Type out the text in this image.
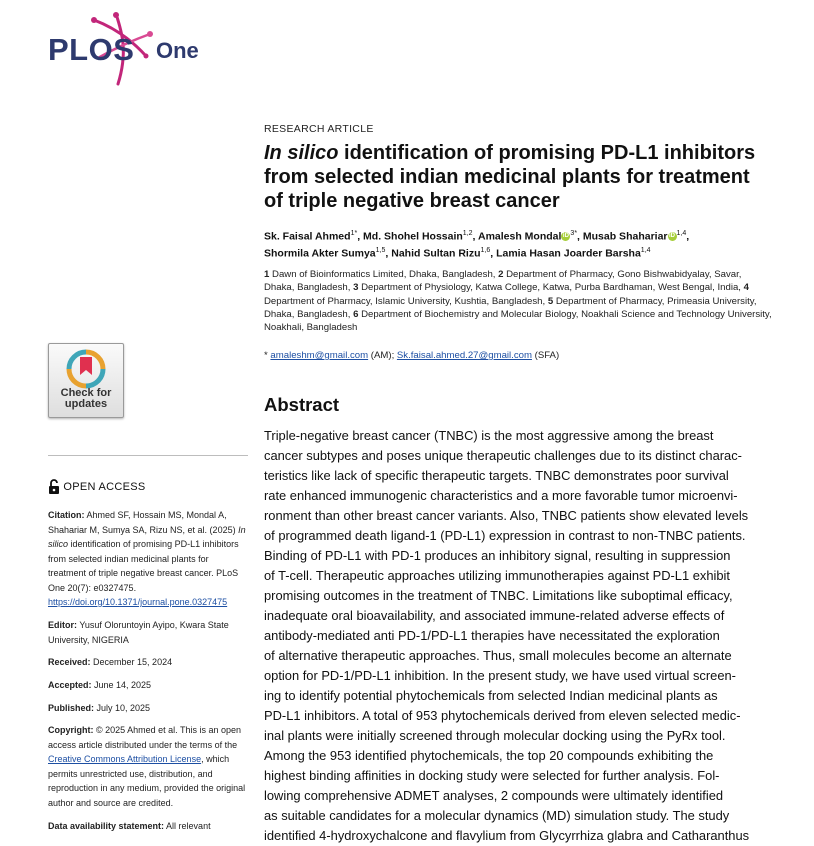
PLOS One
Check for
updates
OPEN ACCESS
Citation: Ahmed SF, Hossain MS, Mondal A, Shahariar M, Sumya SA, Rizu NS, et al. (2025) In silico identification of promising PD-L1 inhibitors from selected indian medicinal plants for treatment of triple negative breast cancer. PLoS One 20(7): e0327475. https://doi.org/10.1371/journal.pone.0327475
Editor: Yusuf Oloruntoyin Ayipo, Kwara State University, NIGERIA
Received: December 15, 2024
Accepted: June 14, 2025
Published: July 10, 2025
Copyright: © 2025 Ahmed et al. This is an open access article distributed under the terms of the Creative Commons Attribution License, which permits unrestricted use, distribution, and reproduction in any medium, provided the original author and source are credited.
Data availability statement: All relevant
RESEARCH ARTICLE
In silico identification of promising PD-L1 inhibitors from selected indian medicinal plants for treatment of triple negative breast cancer
Sk. Faisal Ahmed$^{1*}$, Md. Shohel Hossain$^{1,2}$, Amalesh Mondal iD $^{3*}$, Musab Shahariar iD $^{1,4}$,
Shormila Akter Sumya$^{1,5}$, Nahid Sultan Rizu$^{1,6}$, Lamia Hasan Joarder Barsha$^{1,4}$
1 Dawn of Bioinformatics Limited, Dhaka, Bangladesh, 2 Department of Pharmacy, Gono Bishwabidyalay, Savar, Dhaka, Bangladesh, 3 Department of Physiology, Katwa College, Katwa, Purba Bardhaman, West Bengal, India, 4 Department of Pharmacy, Islamic University, Kushtia, Bangladesh, 5 Department of Pharmacy, Primeasia University, Dhaka, Bangladesh, 6 Department of Biochemistry and Molecular Biology, Noakhali Science and Technology University, Noakhali, Bangladesh
* amaleshm@gmail.com (AM); Sk.faisal.ahmed.27@gmail.com (SFA)
Abstract
Triple-negative breast cancer (TNBC) is the most aggressive among the breast
cancer subtypes and poses unique therapeutic challenges due to its distinct charac-
teristics like lack of specific therapeutic targets. TNBC demonstrates poor survival
rate enhanced immunogenic characteristics and a more favorable tumor microenvi-
ronment than other breast cancer variants. Also, TNBC patients show elevated levels
of programmed death ligand-1 (PD-L1) expression in contrast to non-TNBC patients.
Binding of PD-L1 with PD-1 produces an inhibitory signal, resulting in suppression
of T-cell. Therapeutic approaches utilizing immunotherapies against PD-L1 exhibit
promising outcomes in the treatment of TNBC. Limitations like suboptimal efficacy,
inadequate oral bioavailability, and associated immune-related adverse effects of
antibody-mediated anti PD-1/PD-L1 therapies have necessitated the exploration
of alternative therapeutic approaches. Thus, small molecules become an alternate
option for PD-1/PD-L1 inhibition. In the present study, we have used virtual screen-
ing to identify potential phytochemicals from selected Indian medicinal plants as
PD-L1 inhibitors. A total of 953 phytochemicals derived from eleven selected medic-
inal plants were initially screened through molecular docking using the PyRx tool.
Among the 953 identified phytochemicals, the top 20 compounds exhibiting the
highest binding affinities in docking study were selected for further analysis. Fol-
lowing comprehensive ADMET analyses, 2 compounds were ultimately identified
as suitable candidates for a molecular dynamics (MD) simulation study. The study
identified 4-hydroxychalcone and flavylium from Glycyrrhiza glabra and Catharanthus
